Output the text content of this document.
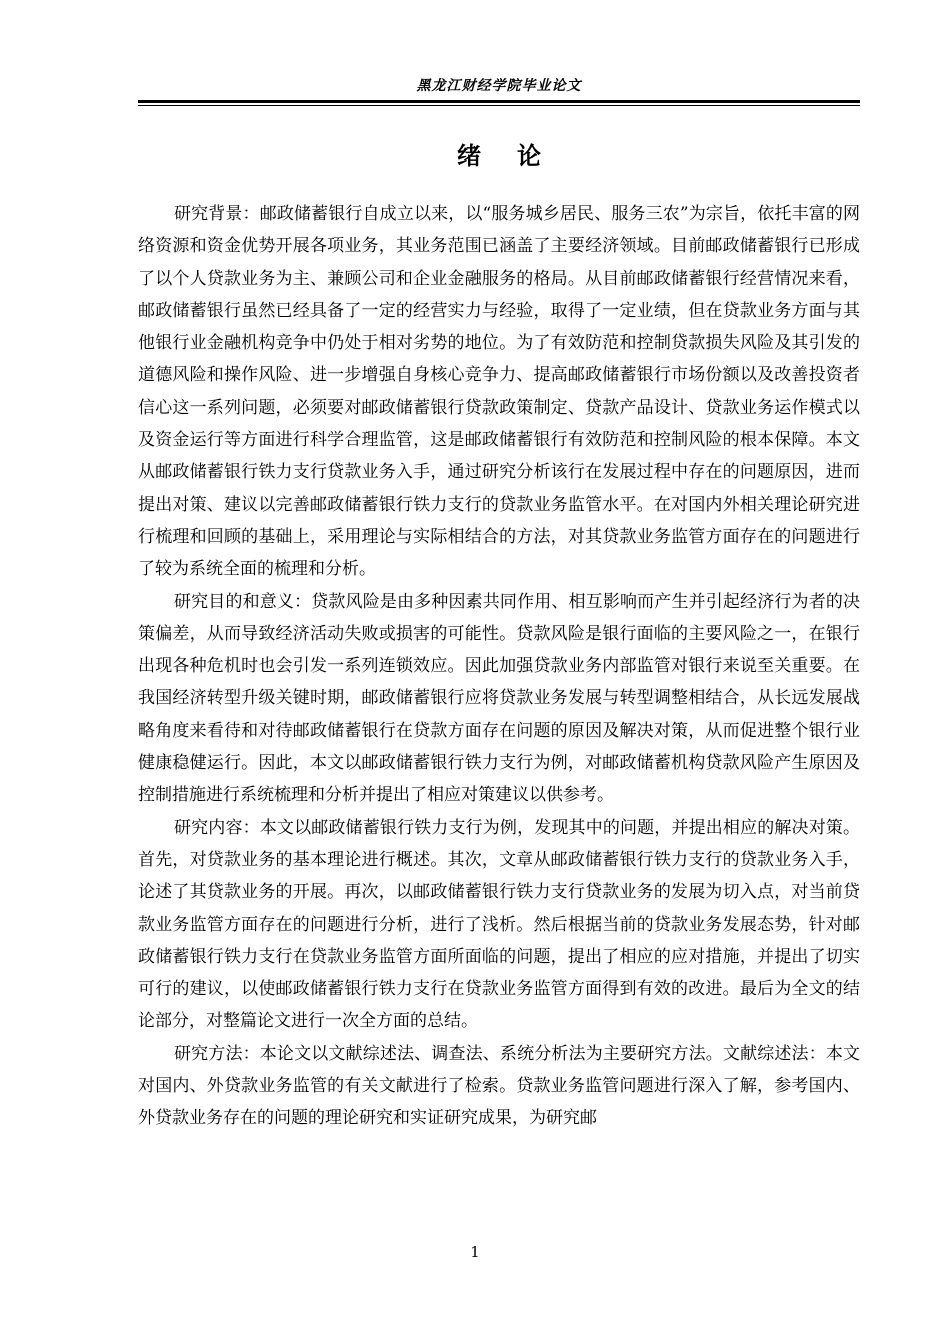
黑龙江财经学院毕业论文
绪论

研究背景：邮政储蓄银行自成立以来，以“服务城乡居民、服务三农”为宗旨，依托丰富的网络资源和资金优势开展各项业务，其业务范围已涵盖了主要经济领域。目前邮政储蓄银行已形成了以个人贷款业务为主、兼顾公司和企业金融服务的格局。从目前邮政储蓄银行经营情况来看，邮政储蓄银行虽然已经具备了一定的经营实力与经验，取得了一定业绩，但在贷款业务方面与其他银行业金融机构竞争中仍处于相对劣势的地位。为了有效防范和控制贷款损失风险及其引发的道德风险和操作风险、进一步增强自身核心竞争力、提高邮政储蓄银行市场份额以及改善投资者信心这一系列问题，必须要对邮政储蓄银行贷款政策制定、贷款产品设计、贷款业务运作模式以及资金运行等方面进行科学合理监管，这是邮政储蓄银行有效防范和控制风险的根本保障。本文从邮政储蓄银行铁力支行贷款业务入手，通过研究分析该行在发展过程中存在的问题原因，进而提出对策、建议以完善邮政储蓄银行铁力支行的贷款业务监管水平。在对国内外相关理论研究进行梳理和回顾的基础上，采用理论与实际相结合的方法，对其贷款业务监管方面存在的问题进行了较为系统全面的梳理和分析。

研究目的和意义：贷款风险是由多种因素共同作用、相互影响而产生并引起经济行为者的决策偏差，从而导致经济活动失败或损害的可能性。贷款风险是银行面临的主要风险之一，在银行出现各种危机时也会引发一系列连锁效应。因此加强贷款业务内部监管对银行来说至关重要。在我国经济转型升级关键时期，邮政储蓄银行应将贷款业务发展与转型调整相结合，从长远发展战略角度来看待和对待邮政储蓄银行在贷款方面存在问题的原因及解决对策，从而促进整个银行业健康稳健运行。因此，本文以邮政储蓄银行铁力支行为例，对邮政储蓄机构贷款风险产生原因及控制措施进行系统梳理和分析并提出了相应对策建议以供参考。

研究内容：本文以邮政储蓄银行铁力支行为例，发现其中的问题，并提出相应的解决对策。首先，对贷款业务的基本理论进行概述。其次，文章从邮政储蓄银行铁力支行的贷款业务入手，论述了其贷款业务的开展。再次，以邮政储蓄银行铁力支行贷款业务的发展为切入点，对当前贷款业务监管方面存在的问题进行分析，进行了浅析。然后根据当前的贷款业务发展态势，针对邮政储蓄银行铁力支行在贷款业务监管方面所面临的问题，提出了相应的应对措施，并提出了切实可行的建议，以使邮政储蓄银行铁力支行在贷款业务监管方面得到有效的改进。最后为全文的结论部分，对整篇论文进行一次全方面的总结。

研究方法：本论文以文献综述法、调查法、系统分析法为主要研究方法。文献综述法：本文对国内、外贷款业务监管的有关文献进行了检索。贷款业务监管问题进行深入了解，参考国内、外贷款业务存在的问题的理论研究和实证研究成果，为研究邮

1
